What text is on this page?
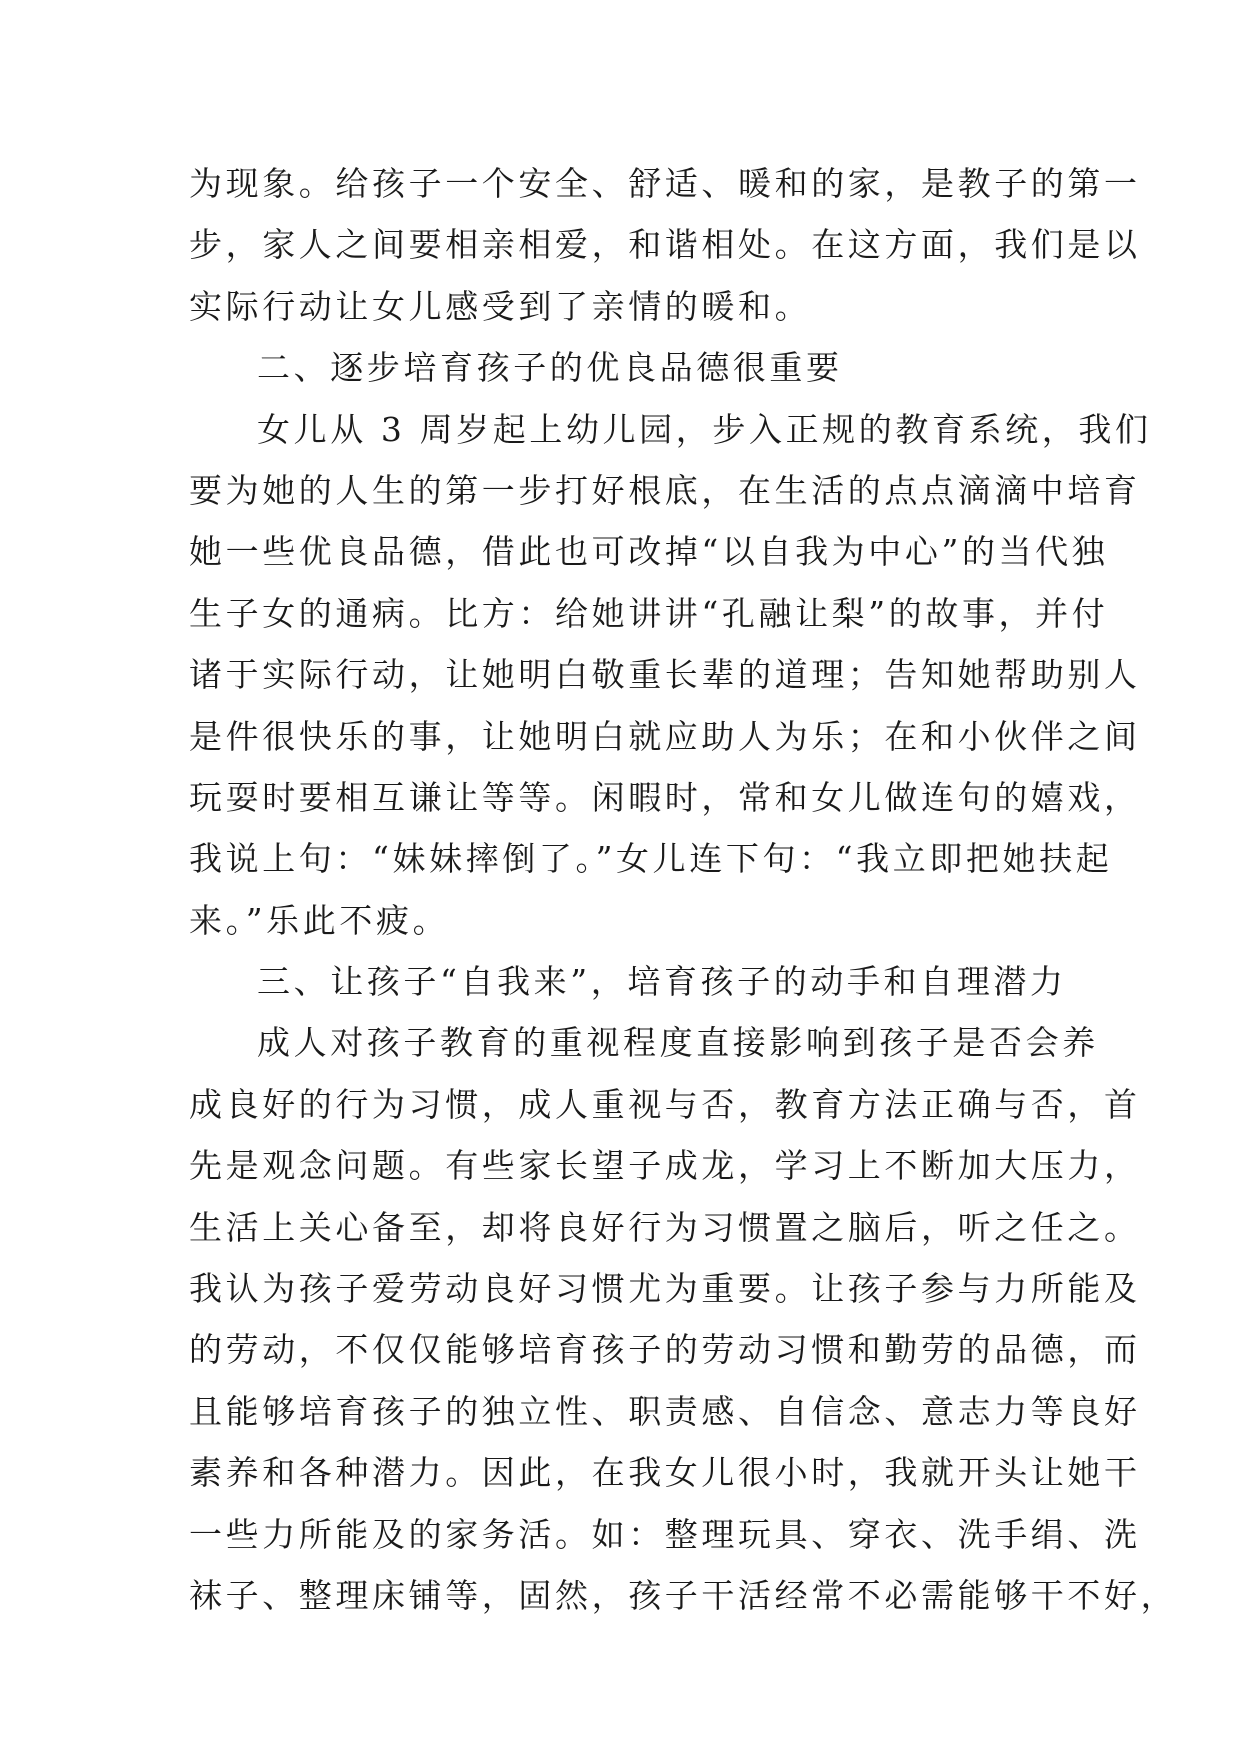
为现象。给孩子一个安全、舒适、暖和的家，是教子的第一
步，家人之间要相亲相爱，和谐相处。在这方面，我们是以
实际行动让女儿感受到了亲情的暖和。
二、逐步培育孩子的优良品德很重要
女儿从 3 周岁起上幼儿园，步入正规的教育系统，我们
要为她的人生的第一步打好根底，在生活的点点滴滴中培育
她一些优良品德，借此也可改掉“以自我为中心”的当代独
生子女的通病。比方：给她讲讲“孔融让梨”的故事，并付
诸于实际行动，让她明白敬重长辈的道理；告知她帮助别人
是件很快乐的事，让她明白就应助人为乐；在和小伙伴之间
玩耍时要相互谦让等等。闲暇时，常和女儿做连句的嬉戏，
我说上句：“妹妹摔倒了。”女儿连下句：“我立即把她扶起
来。”乐此不疲。
三、让孩子“自我来”，培育孩子的动手和自理潜力
成人对孩子教育的重视程度直接影响到孩子是否会养
成良好的行为习惯，成人重视与否，教育方法正确与否，首
先是观念问题。有些家长望子成龙，学习上不断加大压力，
生活上关心备至，却将良好行为习惯置之脑后，听之任之。
我认为孩子爱劳动良好习惯尤为重要。让孩子参与力所能及
的劳动，不仅仅能够培育孩子的劳动习惯和勤劳的品德，而
且能够培育孩子的独立性、职责感、自信念、意志力等良好
素养和各种潜力。因此，在我女儿很小时，我就开头让她干
一些力所能及的家务活。如：整理玩具、穿衣、洗手绢、洗
袜子、整理床铺等，固然，孩子干活经常不必需能够干不好，
